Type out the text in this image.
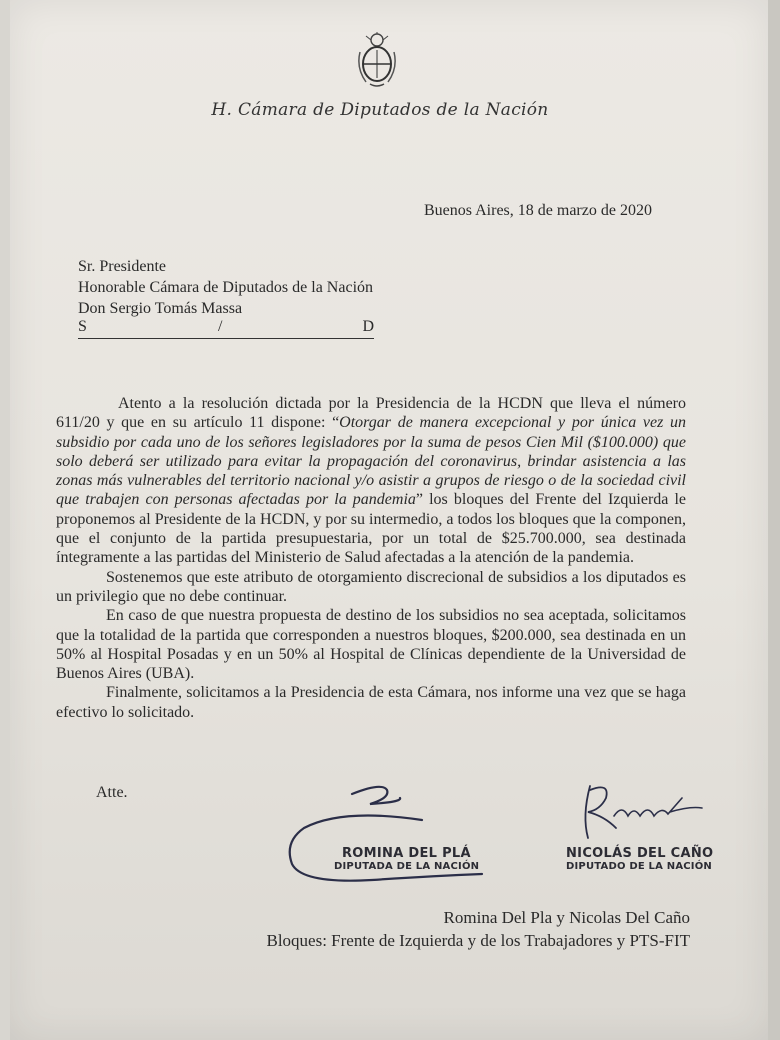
H. Cámara de Diputados de la Nación
Buenos Aires, 18 de marzo de 2020
Sr. Presidente
Honorable Cámara de Diputados de la Nación
Don Sergio Tomás Massa
S	/	D

Atento a la resolución dictada por la Presidencia de la HCDN que lleva el número 611/20 y que en su artículo 11 dispone: “Otorgar de manera excepcional y por única vez un subsidio por cada uno de los señores legisladores por la suma de pesos Cien Mil ($100.000) que solo deberá ser utilizado para evitar la propagación del coronavirus, brindar asistencia a las zonas más vulnerables del territorio nacional y/o asistir a grupos de riesgo o de la sociedad civil que trabajen con personas afectadas por la pandemia” los bloques del Frente del Izquierda le proponemos al Presidente de la HCDN, y por su intermedio, a todos los bloques que la componen, que el conjunto de la partida presupuestaria, por un total de $25.700.000, sea destinada íntegramente a las partidas del Ministerio de Salud afectadas a la atención de la pandemia.

Sostenemos que este atributo de otorgamiento discrecional de subsidios a los diputados es un privilegio que no debe continuar.

En caso de que nuestra propuesta de destino de los subsidios no sea aceptada, solicitamos que la totalidad de la partida que corresponden a nuestros bloques, $200.000, sea destinada en un 50% al Hospital Posadas y en un 50% al Hospital de Clínicas dependiente de la Universidad de Buenos Aires (UBA).

Finalmente, solicitamos a la Presidencia de esta Cámara, nos informe una vez que se haga efectivo lo solicitado.

Atte.
ROMINA DEL PLÁ
DIPUTADA DE LA NACIÓN
NICOLÁS DEL CAÑO
DIPUTADO DE LA NACIÓN
Romina Del Pla y Nicolas Del Caño
Bloques: Frente de Izquierda y de los Trabajadores y PTS-FIT
